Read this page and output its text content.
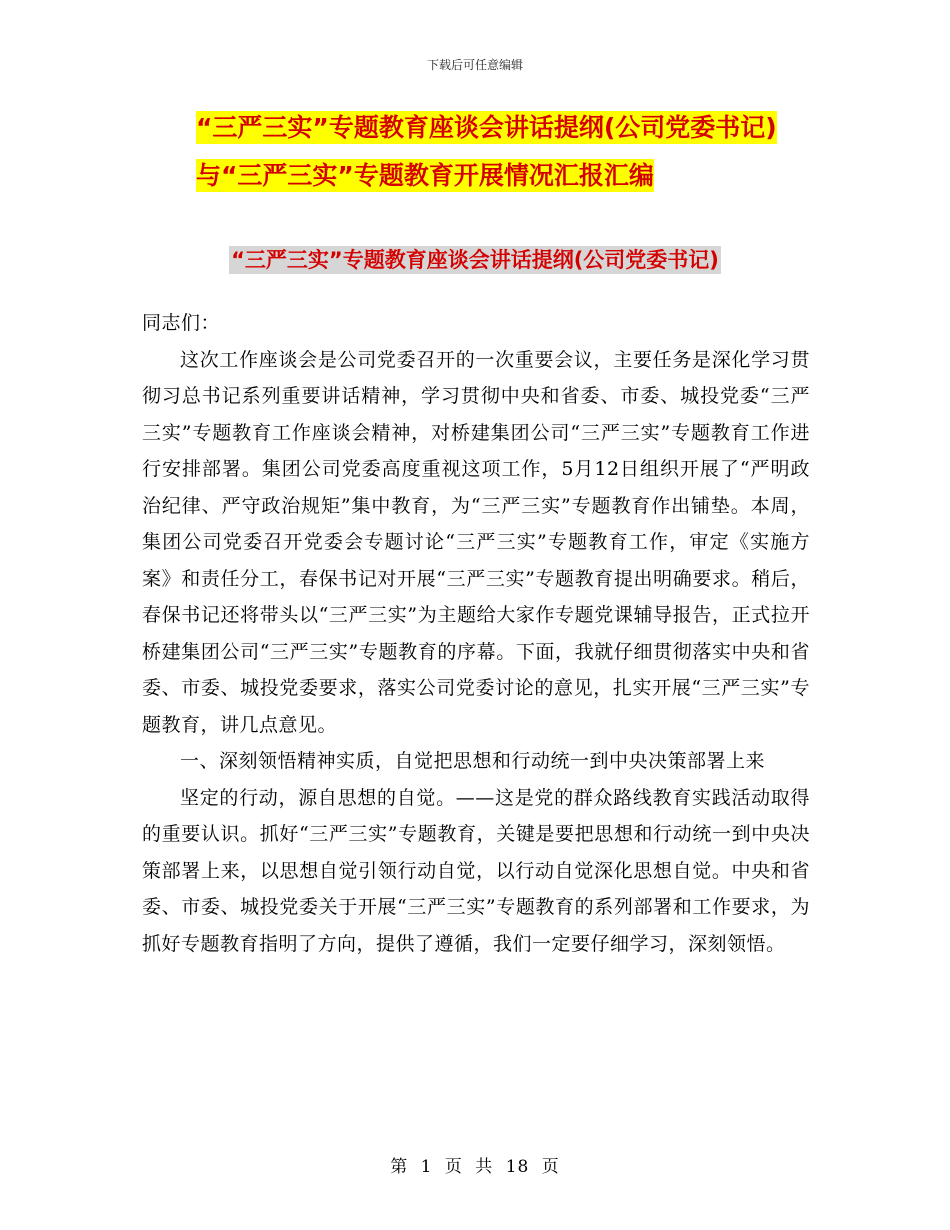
下载后可任意编辑
“三严三实”专题教育座谈会讲话提纲(公司党委书记)与“三严三实”专题教育开展情况汇报汇编
“三严三实”专题教育座谈会讲话提纲(公司党委书记)

同志们：

这次工作座谈会是公司党委召开的一次重要会议，主要任务是深化学习贯彻习总书记系列重要讲话精神，学习贯彻中央和省委、市委、城投党委“三严三实”专题教育工作座谈会精神，对桥建集团公司“三严三实”专题教育工作进行安排部署。集团公司党委高度重视这项工作，5月12日组织开展了“严明政治纪律、严守政治规矩”集中教育，为“三严三实”专题教育作出铺垫。本周，集团公司党委召开党委会专题讨论“三严三实”专题教育工作，审定《实施方案》和责任分工，春保书记对开展“三严三实”专题教育提出明确要求。稍后，春保书记还将带头以“三严三实”为主题给大家作专题党课辅导报告，正式拉开桥建集团公司“三严三实”专题教育的序幕。下面，我就仔细贯彻落实中央和省委、市委、城投党委要求，落实公司党委讨论的意见，扎实开展“三严三实”专题教育，讲几点意见。

一、深刻领悟精神实质，自觉把思想和行动统一到中央决策部署上来

坚定的行动，源自思想的自觉。——这是党的群众路线教育实践活动取得的重要认识。抓好“三严三实”专题教育，关键是要把思想和行动统一到中央决策部署上来，以思想自觉引领行动自觉，以行动自觉深化思想自觉。中央和省委、市委、城投党委关于开展“三严三实”专题教育的系列部署和工作要求，为抓好专题教育指明了方向，提供了遵循，我们一定要仔细学习，深刻领悟。

第 1 页 共 18 页
